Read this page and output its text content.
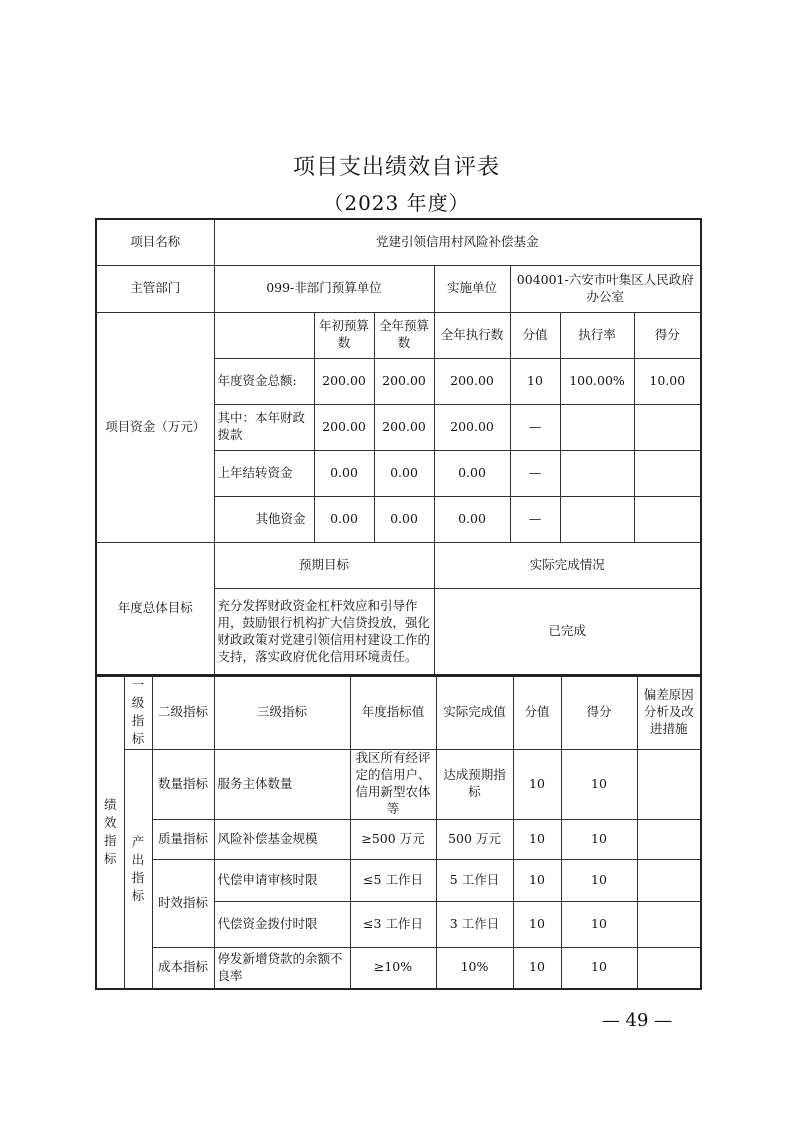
项目支出绩效自评表
（2023 年度）
项目名称	党建引领信用村风险补偿基金						
主管部门	099-非部门预算单位			实施单位	004001-六安市叶集区人民政府办公室		
项目资金（万元）		年初预算数	全年预算数	全年执行数	分值	执行率	得分
	年度资金总额:	200.00	200.00	200.00	10	100.00%	10.00
	其中：本年财政拨款	200.00	200.00	200.00	—		
	上年结转资金	0.00	0.00	0.00	—		
	其他资金	0.00	0.00	0.00	—		
年度总体目标	预期目标			实际完成情况			
	充分发挥财政资金杠杆效应和引导作用，鼓励银行机构扩大信贷投放，强化财政政策对党建引领信用村建设工作的支持，落实政府优化信用环境责任。			已完成			
绩效指标	一级指标	二级指标	三级指标	年度指标值	实际完成值	分值	得分	偏差原因分析及改进措施
	产出指标	数量指标	服务主体数量	我区所有经评定的信用户、信用新型农体等	达成预期指标	10	10	
		质量指标	风险补偿基金规模	≥500 万元	500 万元	10	10	
		时效指标	代偿申请审核时限	≤5 工作日	5 工作日	10	10	
			代偿资金拨付时限	≤3 工作日	3 工作日	10	10	
		成本指标	停发新增贷款的余额不良率	≥10%	10%	10	10	
— 49 —
